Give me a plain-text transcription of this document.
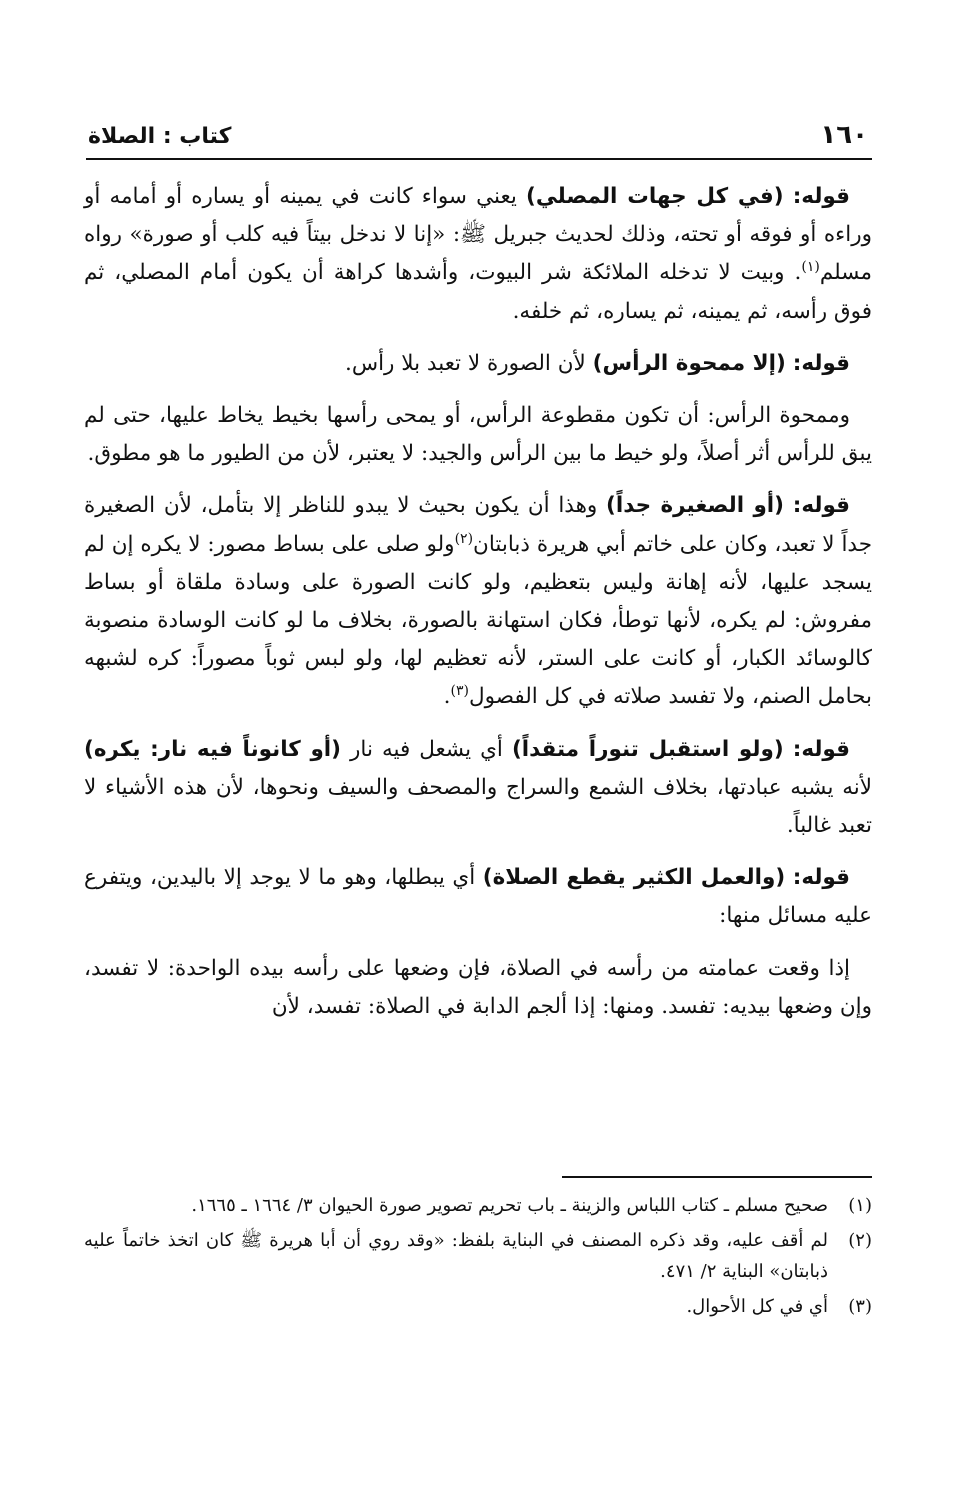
١٦٠
كتاب : الصلاة

قوله: (في كل جهات المصلي) يعني سواء كانت في يمينه أو يساره أو أمامه أو وراءه أو فوقه أو تحته، وذلك لحديث جبريل ﷺ: «إنا لا ندخل بيتاً فيه كلب أو صورة» رواه مسلم$^{(١)}$. وبيت لا تدخله الملائكة شر البيوت، وأشدها كراهة أن يكون أمام المصلي، ثم فوق رأسه، ثم يمينه، ثم يساره، ثم خلفه.

قوله: (إلا ممحوة الرأس) لأن الصورة لا تعبد بلا رأس.

وممحوة الرأس: أن تكون مقطوعة الرأس، أو يمحى رأسها بخيط يخاط عليها، حتى لم يبق للرأس أثر أصلاً، ولو خيط ما بين الرأس والجيد: لا يعتبر، لأن من الطيور ما هو مطوق.

قوله: (أو الصغيرة جداً) وهذا أن يكون بحيث لا يبدو للناظر إلا بتأمل، لأن الصغيرة جداً لا تعبد، وكان على خاتم أبي هريرة ذبابتان$^{(٢)}$ولو صلى على بساط مصور: لا يكره إن لم يسجد عليها، لأنه إهانة وليس بتعظيم، ولو كانت الصورة على وسادة ملقاة أو بساط مفروش: لم يكره، لأنها توطأ، فكان استهانة بالصورة، بخلاف ما لو كانت الوسادة منصوبة كالوسائد الكبار، أو كانت على الستر، لأنه تعظيم لها، ولو لبس ثوباً مصوراً: كره لشبهه بحامل الصنم، ولا تفسد صلاته في كل الفصول$^{(٣)}$.

قوله: (ولو استقبل تنوراً متقداً) أي يشعل فيه نار (أو كانوناً فيه نار: يكره) لأنه يشبه عبادتها، بخلاف الشمع والسراج والمصحف والسيف ونحوها، لأن هذه الأشياء لا تعبد غالباً.

قوله: (والعمل الكثير يقطع الصلاة) أي يبطلها، وهو ما لا يوجد إلا باليدين، ويتفرع عليه مسائل منها:

إذا وقعت عمامته من رأسه في الصلاة، فإن وضعها على رأسه بيده الواحدة: لا تفسد، وإن وضعها بيديه: تفسد. ومنها: إذا ألجم الدابة في الصلاة: تفسد، لأن

(١)
صحيح مسلم ـ كتاب اللباس والزينة ـ باب تحريم تصوير صورة الحيوان ٣/ ١٦٦٤ ـ ١٦٦٥.

(٢)
لم أقف عليه، وقد ذكره المصنف في البناية بلفظ: «وقد روي أن أبا هريرة ﷺ كان اتخذ خاتماً عليه ذبابتان» البناية ٢/ ٤٧١.

(٣)
أي في كل الأحوال.
